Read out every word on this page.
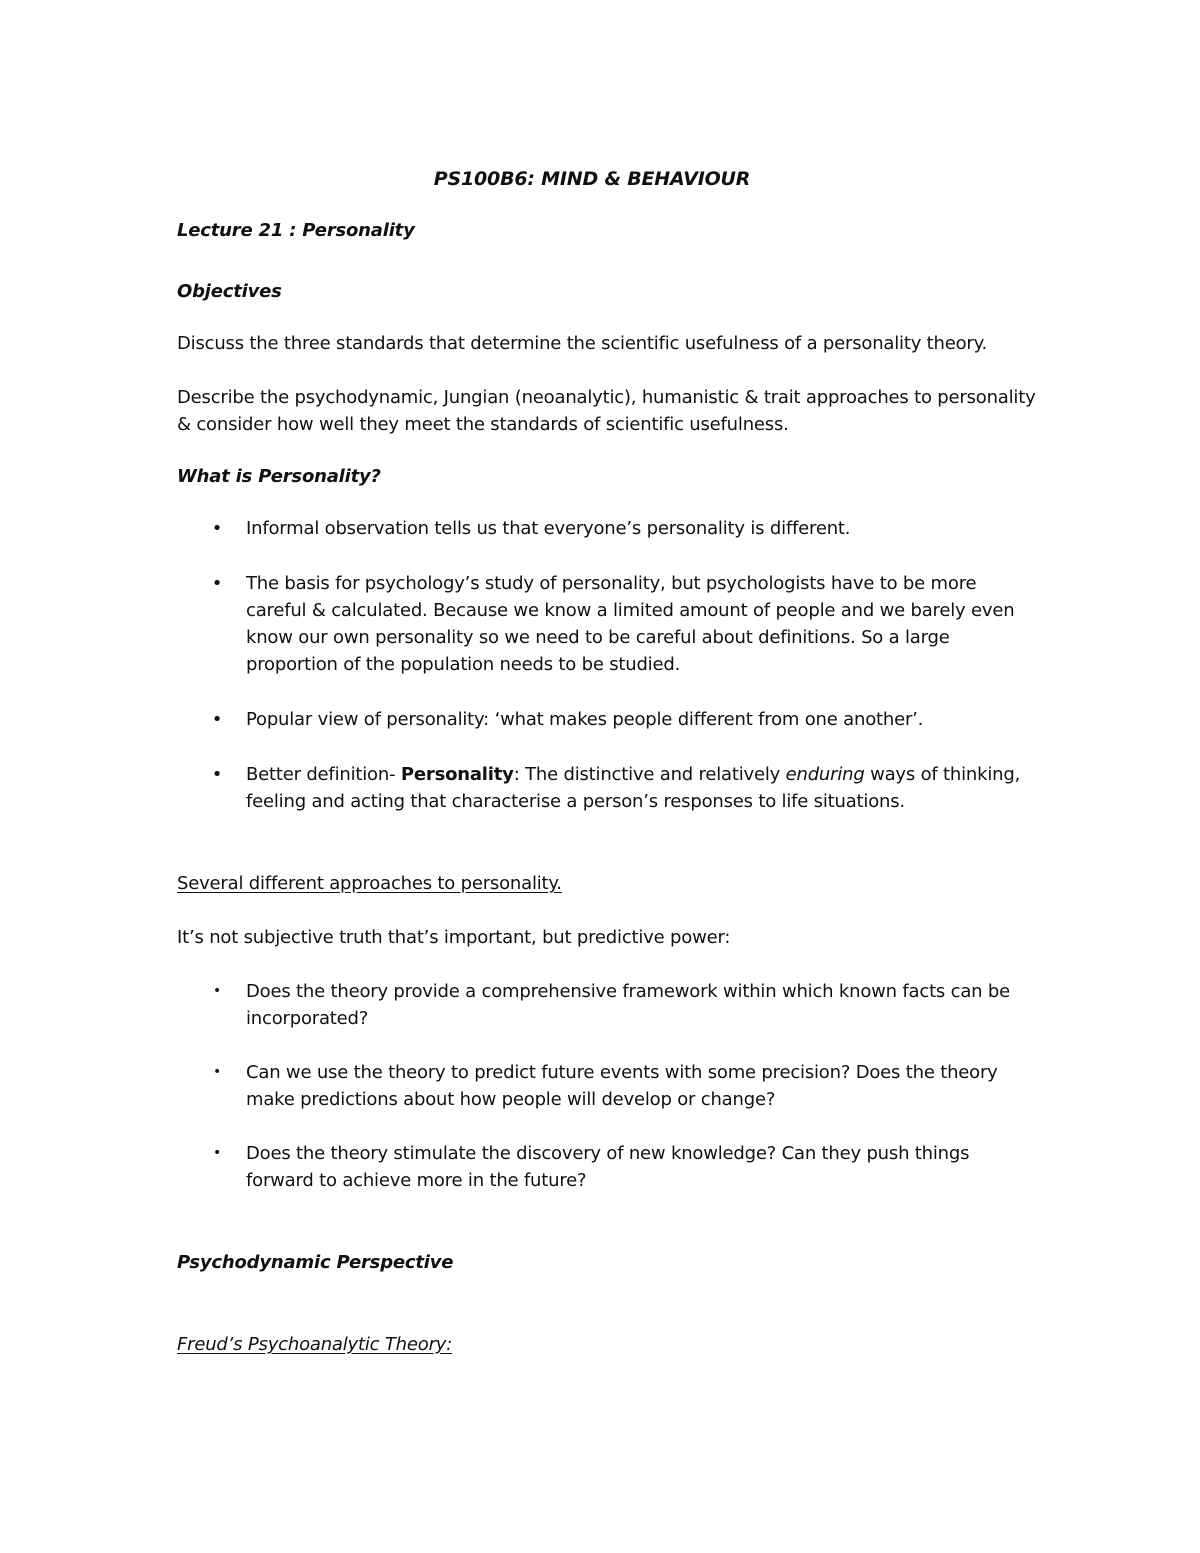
PS100B6: MIND & BEHAVIOUR

Lecture 21 : Personality

Objectives

Discuss the three standards that determine the scientific usefulness of a personality theory.

Describe the psychodynamic, Jungian (neoanalytic), humanistic & trait approaches to personality & consider how well they meet the standards of scientific usefulness.

What is Personality?

• Informal observation tells us that everyone’s personality is different.
• The basis for psychology’s study of personality, but psychologists have to be more careful & calculated. Because we know a limited amount of people and we barely even know our own personality so we need to be careful about definitions. So a large proportion of the population needs to be studied.
• Popular view of personality: ‘what makes people different from one another’.
• Better definition- Personality: The distinctive and relatively enduring ways of thinking, feeling and acting that characterise a person’s responses to life situations.

Several different approaches to personality.

It’s not subjective truth that’s important, but predictive power:

• Does the theory provide a comprehensive framework within which known facts can be incorporated?
• Can we use the theory to predict future events with some precision? Does the theory make predictions about how people will develop or change?
• Does the theory stimulate the discovery of new knowledge? Can they push things forward to achieve more in the future?

Psychodynamic Perspective

Freud’s Psychoanalytic Theory:
